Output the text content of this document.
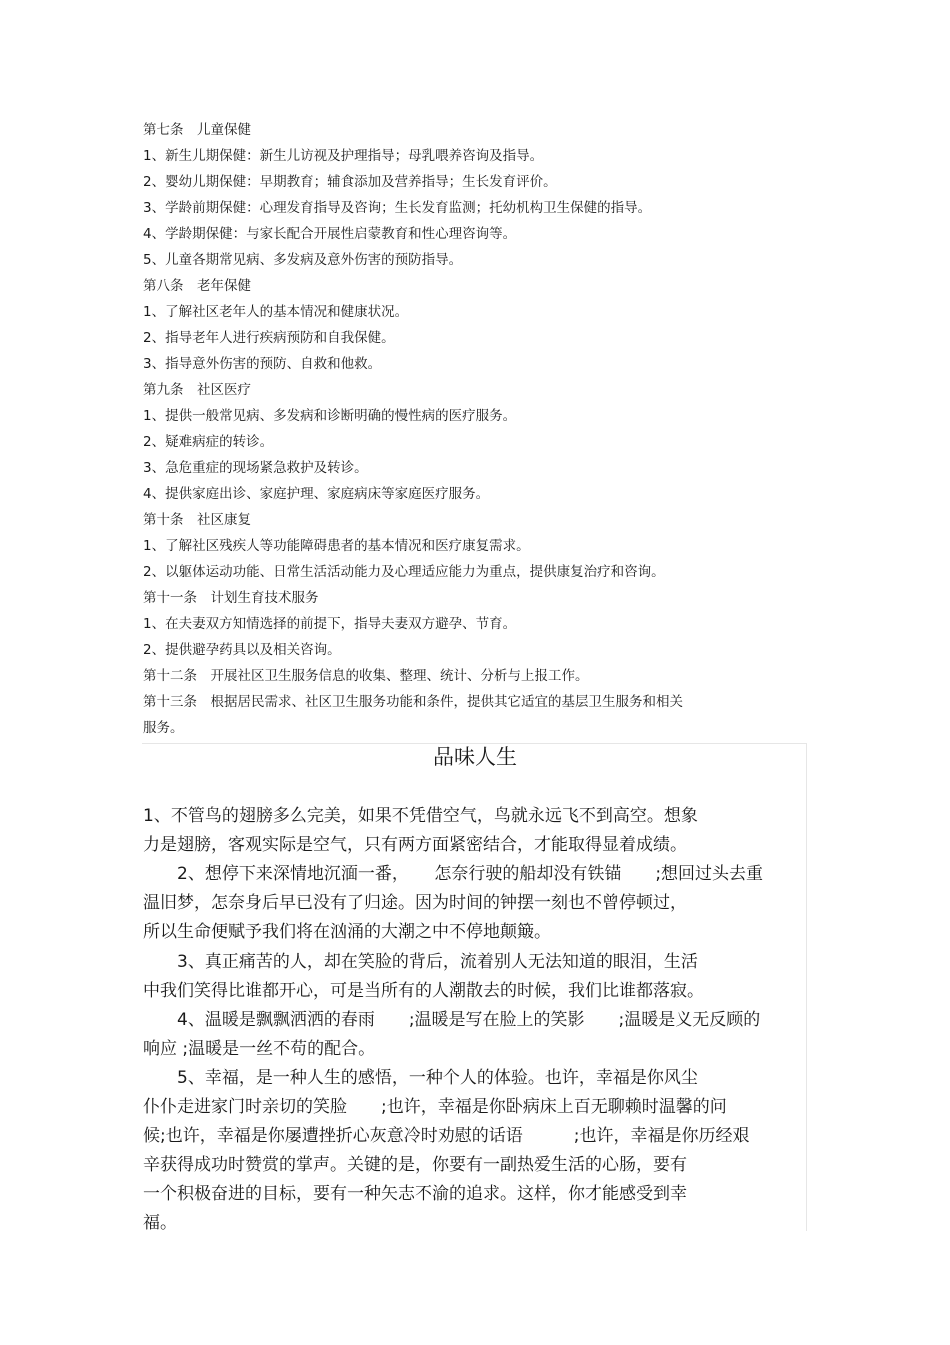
第七条　儿童保健
1、新生儿期保健：新生儿访视及护理指导；母乳喂养咨询及指导。
2、婴幼儿期保健：早期教育；辅食添加及营养指导；生长发育评价。
3、学龄前期保健：心理发育指导及咨询；生长发育监测；托幼机构卫生保健的指导。
4、学龄期保健：与家长配合开展性启蒙教育和性心理咨询等。
5、儿童各期常见病、多发病及意外伤害的预防指导。
第八条　老年保健
1、了解社区老年人的基本情况和健康状况。
2、指导老年人进行疾病预防和自我保健。
3、指导意外伤害的预防、自救和他救。
第九条　社区医疗
1、提供一般常见病、多发病和诊断明确的慢性病的医疗服务。
2、疑难病症的转诊。
3、急危重症的现场紧急救护及转诊。
4、提供家庭出诊、家庭护理、家庭病床等家庭医疗服务。
第十条　社区康复
1、了解社区残疾人等功能障碍患者的基本情况和医疗康复需求。
2、以躯体运动功能、日常生活活动能力及心理适应能力为重点，提供康复治疗和咨询。
第十一条　计划生育技术服务
1、在夫妻双方知情选择的前提下，指导夫妻双方避孕、节育。
2、提供避孕药具以及相关咨询。
第十二条　开展社区卫生服务信息的收集、整理、统计、分析与上报工作。
第十三条　根据居民需求、社区卫生服务功能和条件，提供其它适宜的基层卫生服务和相关
服务。
品味人生
1、不管鸟的翅膀多么完美，如果不凭借空气，鸟就永远飞不到高空。想象
力是翅膀，客观实际是空气，只有两方面紧密结合，才能取得显着成绩。
　　2、想停下来深情地沉湎一番，　　怎奈行驶的船却没有铁锚　　;想回过头去重
温旧梦，怎奈身后早已没有了归途。因为时间的钟摆一刻也不曾停顿过，
所以生命便赋予我们将在汹涌的大潮之中不停地颠簸。
　　3、真正痛苦的人，却在笑脸的背后，流着别人无法知道的眼泪，生活
中我们笑得比谁都开心，可是当所有的人潮散去的时候，我们比谁都落寂。
　　4、温暖是飘飘洒洒的春雨　　;温暖是写在脸上的笑影　　;温暖是义无反顾的
响应 ;温暖是一丝不苟的配合。
　　5、幸福，是一种人生的感悟，一种个人的体验。也许，幸福是你风尘
仆仆走进家门时亲切的笑脸　　;也许，幸福是你卧病床上百无聊赖时温馨的问
候;也许，幸福是你屡遭挫折心灰意冷时劝慰的话语　　　;也许，幸福是你历经艰
辛获得成功时赞赏的掌声。关键的是，你要有一副热爱生活的心肠，要有
一个积极奋进的目标，要有一种矢志不渝的追求。这样，你才能感受到幸
福。
